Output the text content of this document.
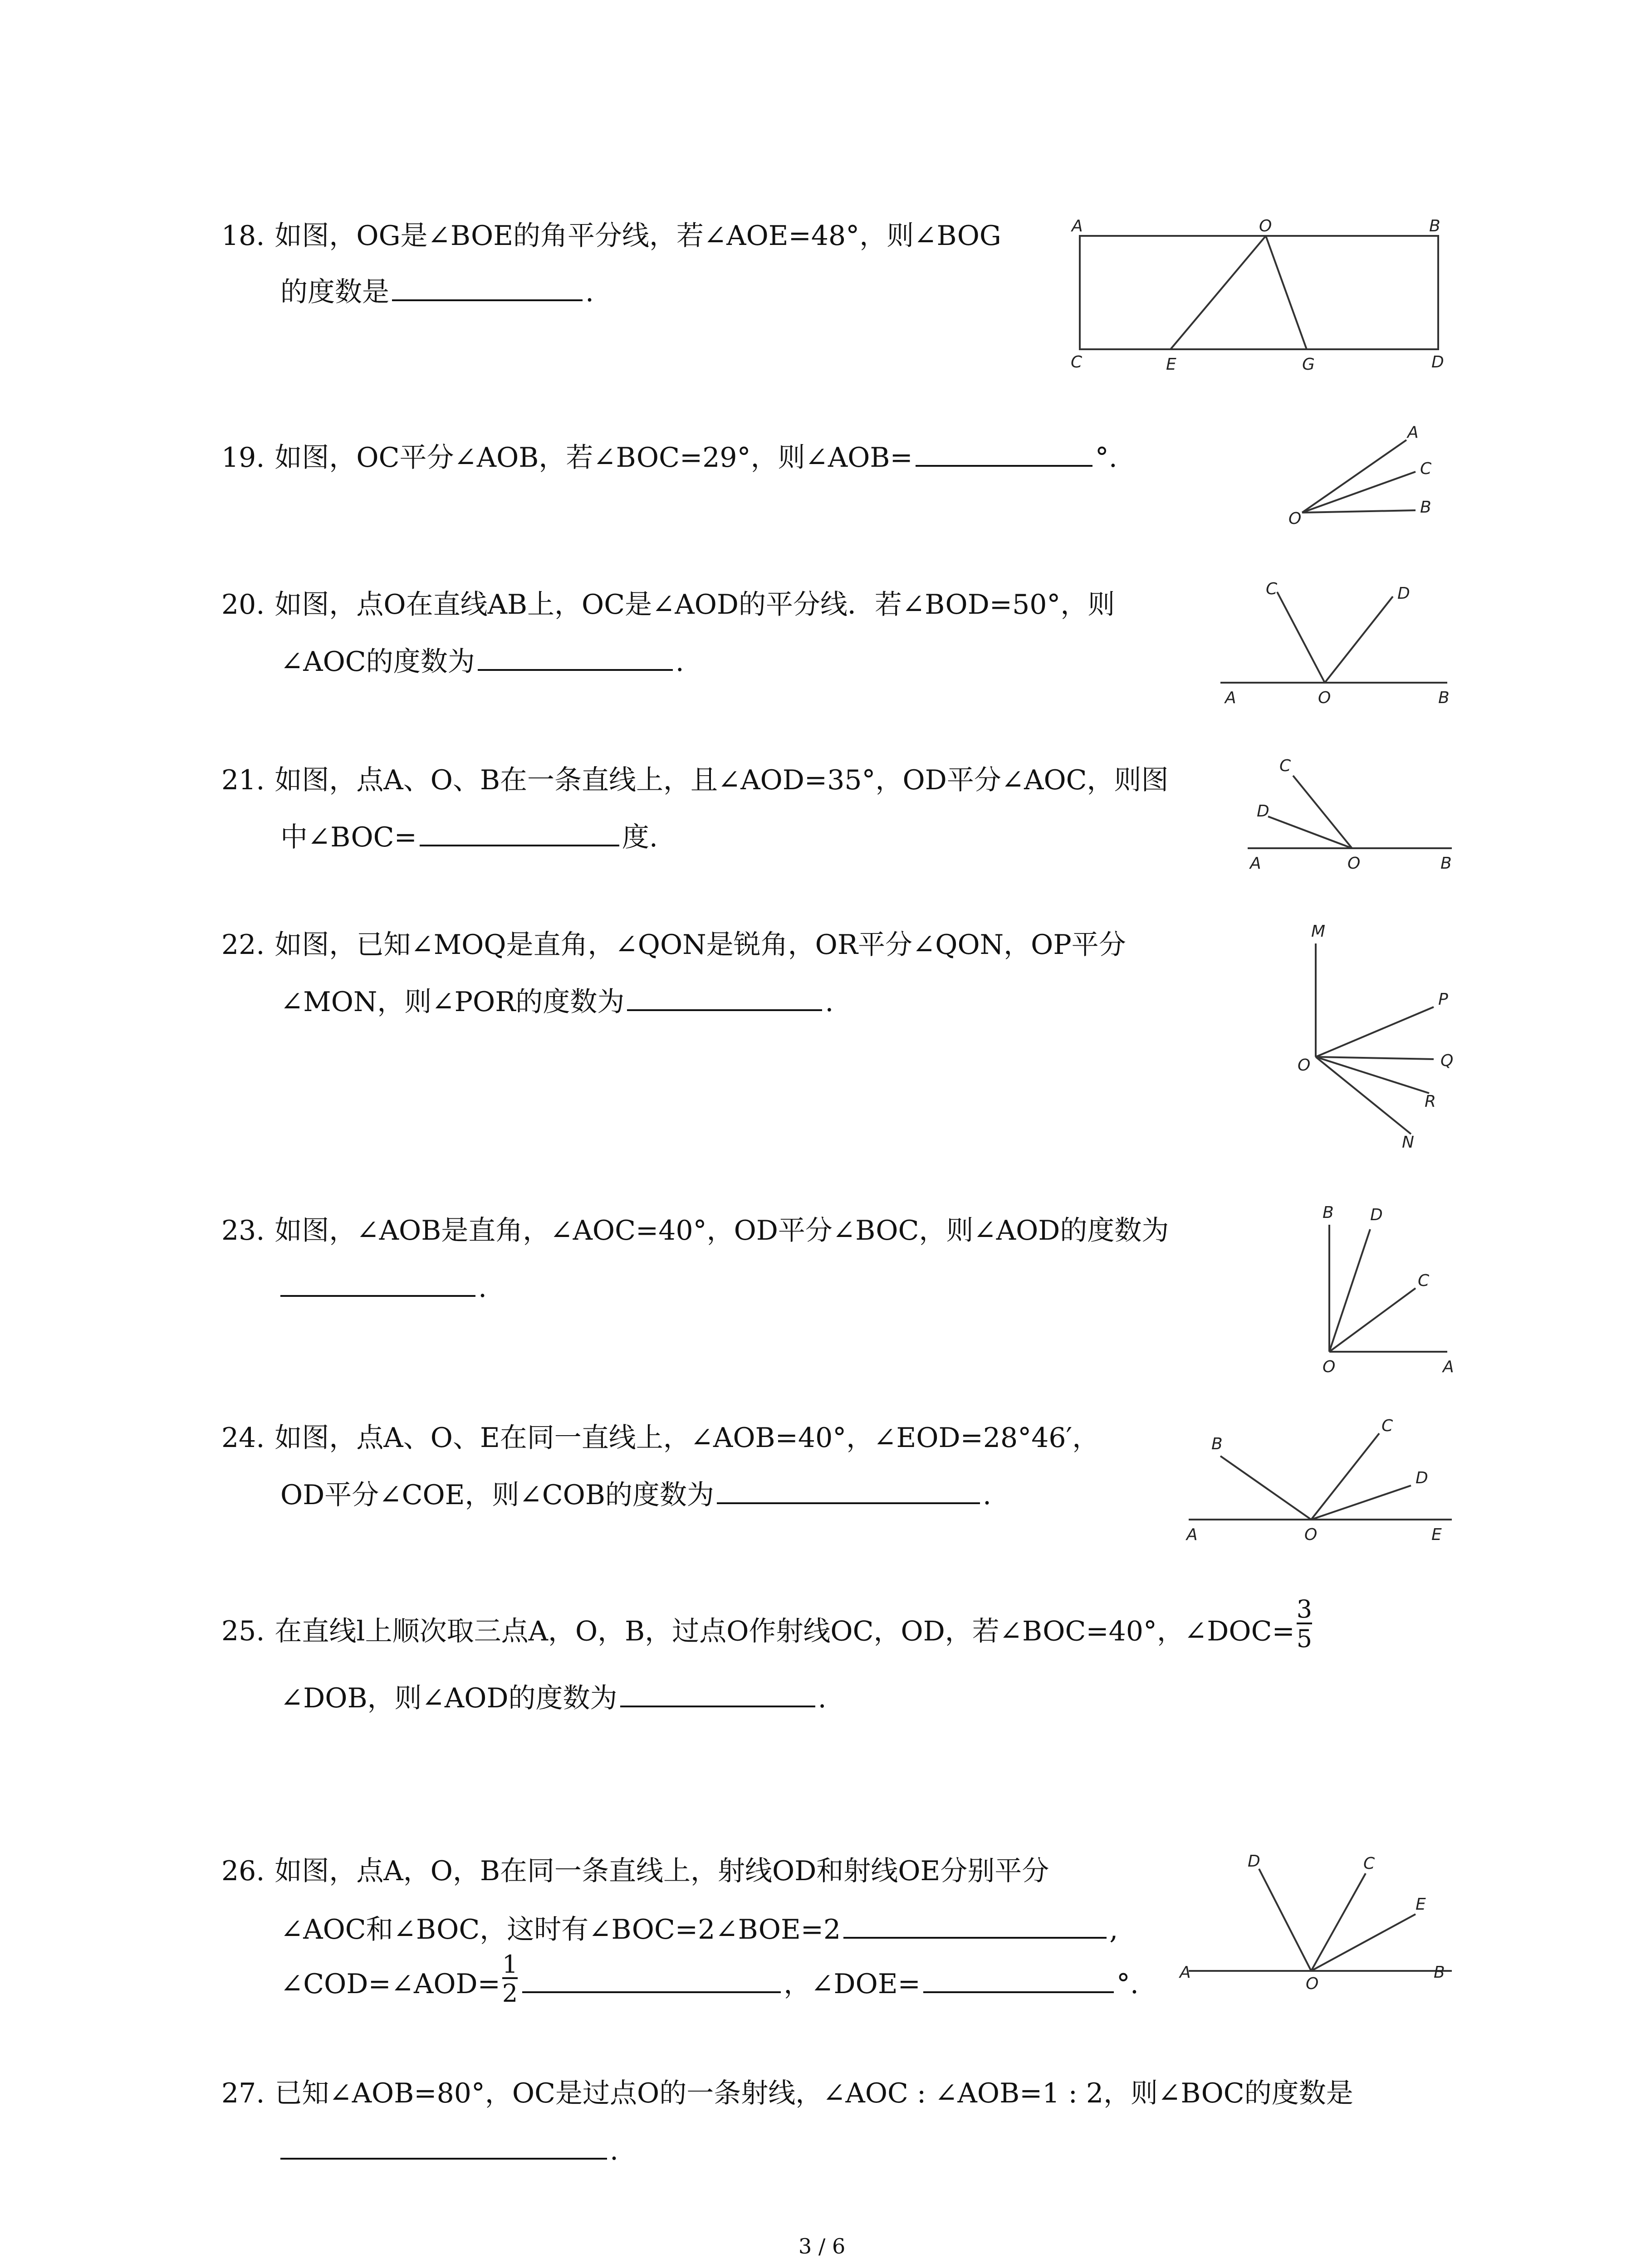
18. 如图，OG是∠BOE的角平分线，若∠AOE=48°，则∠BOG
的度数是	.
A	O	B
C	E	G	D
19. 如图，OC平分∠AOB，若∠BOC=29°，则∠AOB=	°.
A
C
O
B
20. 如图，点O在直线AB上，OC是∠AOD的平分线．若∠BOD=50°，则
∠AOC的度数为	.
C	D
A	O	B
21. 如图，点A、O、B在一条直线上，且∠AOD=35°，OD平分∠AOC，则图
中∠BOC=	度.
C
D
A	O	B
22. 如图，已知∠MOQ是直角，∠QON是锐角，OR平分∠QON，OP平分
∠MON，则∠POR的度数为	.
M
P
O	Q
R
N
23. 如图，∠AOB是直角，∠AOC=40°，OD平分∠BOC，则∠AOD的度数为
.
B D
C
O	A
24. 如图，点A、O、E在同一直线上，∠AOB=40°，∠EOD=28°46′，
OD平分∠COE，则∠COB的度数为	.
B
C
D
A	O	E
25. 在直线l上顺次取三点A，O，B，过点O作射线OC，OD，若∠BOC=40°，∠DOC= $\frac{3}{5}$
∠DOB，则∠AOD的度数为	.
26. 如图，点A，O，B在同一条直线上，射线OD和射线OE分别平分
∠AOC和∠BOC，这时有∠BOC=2∠BOE=2	,
∠COD=∠AOD= $\frac{1}{2}$	，∠DOE=	°.
D	C
E
A
O
B
27. 已知∠AOB=80°，OC是过点O的一条射线，∠AOC : ∠AOB=1 : 2，则∠BOC的度数是
.
3 / 6
